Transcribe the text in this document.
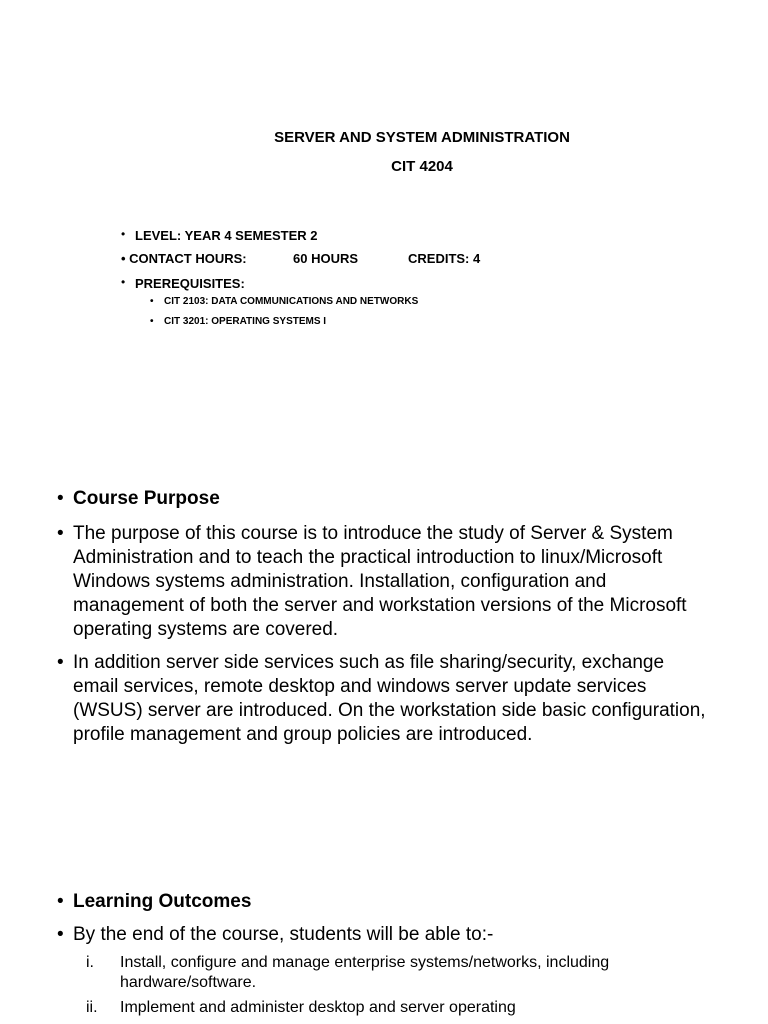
SERVER AND SYSTEM ADMINISTRATION
CIT 4204
• LEVEL: YEAR 4 SEMESTER 2
• CONTACT HOURS:	60 HOURS	CREDITS: 4
• PREREQUISITES:
• CIT 2103: DATA COMMUNICATIONS AND NETWORKS
• CIT 3201: OPERATING SYSTEMS I
• Course Purpose
• The purpose of this course is to introduce the study of Server & System Administration and to teach the practical introduction to linux/Microsoft Windows systems administration. Installation, configuration and management of both the server and workstation versions of the Microsoft operating systems are covered.
• In addition server side services such as file sharing/security, exchange email services, remote desktop and windows server update services (WSUS) server are introduced. On the workstation side basic configuration, profile management and group policies are introduced.
• Learning Outcomes
• By the end of the course, students will be able to:-
i.	Install, configure and manage enterprise systems/networks, including hardware/software.
ii.	Implement and administer desktop and server operating
